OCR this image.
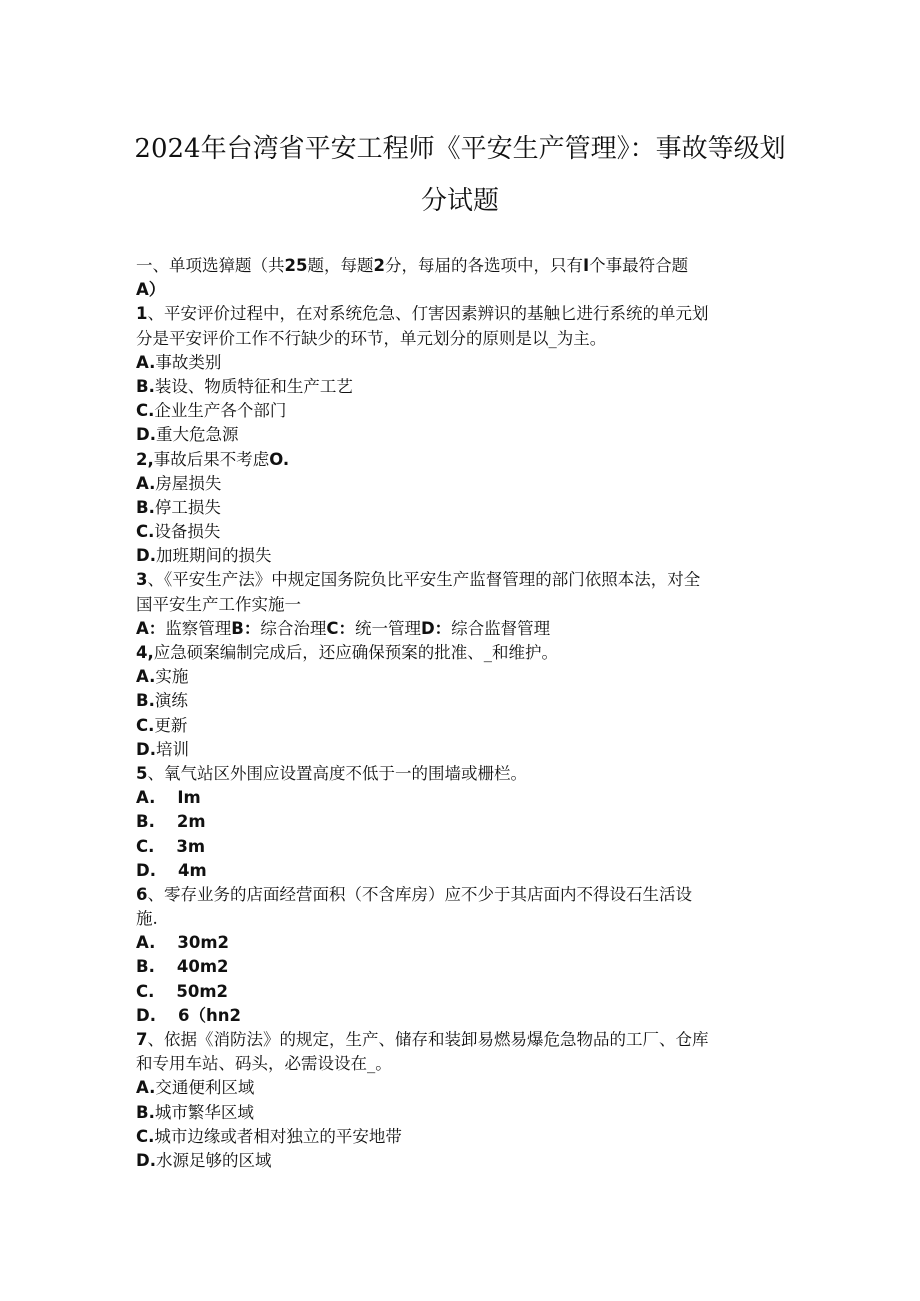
2024年台湾省平安工程师《平安生产管理》：事故等级划
分试题
一、单项选獐题（共25题，每题2分，每届的各选项中，只有I个事最符合题
A）
1、平安评价过程中，在对系统危急、仃害因素辨识的基触匕进行系统的单元划
分是平安评价工作不行缺少的环节，单元划分的原则是以_为主。
A.事故类别
B.装设、物质特征和生产工艺
C.企业生产各个部门
D.重大危急源
2,事故后果不考虑O.
A.房屋损失
B.停工损失
C.设备损失
D.加班期间的损失
3、《平安生产法》中规定国务院负比平安生产监督管理的部门依照本法，对全
国平安生产工作实施一
A：监察管理B：综合治理C：统一管理D：综合监督管理
4,应急硕案编制完成后，还应确保预案的批准、_和维护。
A.实施
B.演练
C.更新
D.培训
5、氧气站区外围应设置高度不低于一的围墙或栅栏。
A. Im
B. 2m
C. 3m
D. 4m
6、零存业务的店面经营面积（不含库房）应不少于其店面内不得设石生活设
施.
A. 30m2
B. 40m2
C. 50m2
D. 6（hn2
7、依据《消防法》的规定，生产、储存和装卸易燃易爆危急物品的工厂、仓库
和专用车站、码头，必需设设在_。
A.交通便利区域
B.城市繁华区域
C.城市边缘或者相对独立的平安地带
D.水源足够的区域
